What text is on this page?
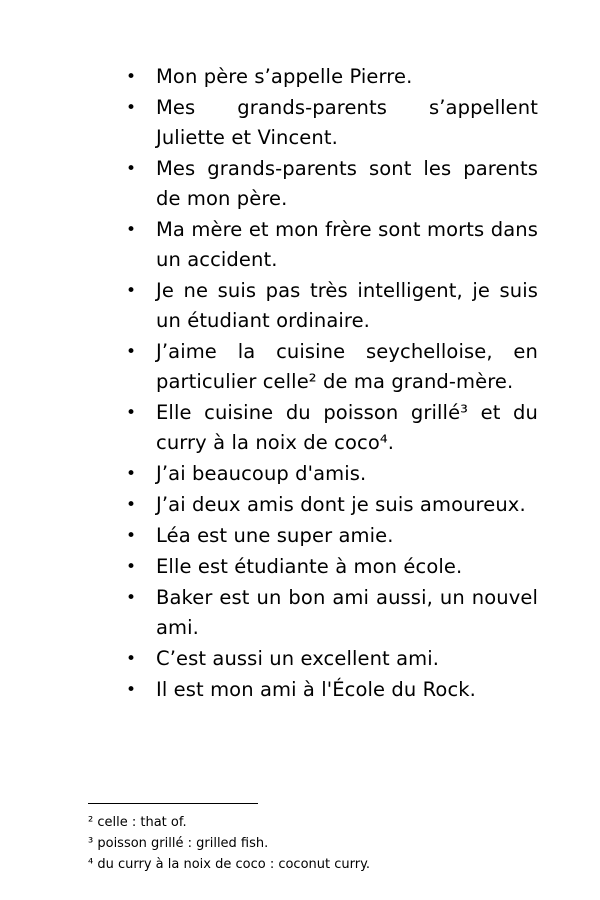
• Mon père s’appelle Pierre.
• Mes grands-parents s’appellent Juliette et Vincent.
• Mes grands-parents sont les parents de mon père.
• Ma mère et mon frère sont morts dans un accident.
• Je ne suis pas très intelligent, je suis un étudiant ordinaire.
• J’aime la cuisine seychelloise, en particulier celle² de ma grand-mère.
• Elle cuisine du poisson grillé³ et du curry à la noix de coco⁴.
• J’ai beaucoup d'amis.
• J’ai deux amis dont je suis amoureux.
• Léa est une super amie.
• Elle est étudiante à mon école.
• Baker est un bon ami aussi, un nouvel ami.
• C’est aussi un excellent ami.
• Il est mon ami à l'École du Rock.

² celle : that of.

³ poisson grillé : grilled fish.

⁴ du curry à la noix de coco : coconut curry.
